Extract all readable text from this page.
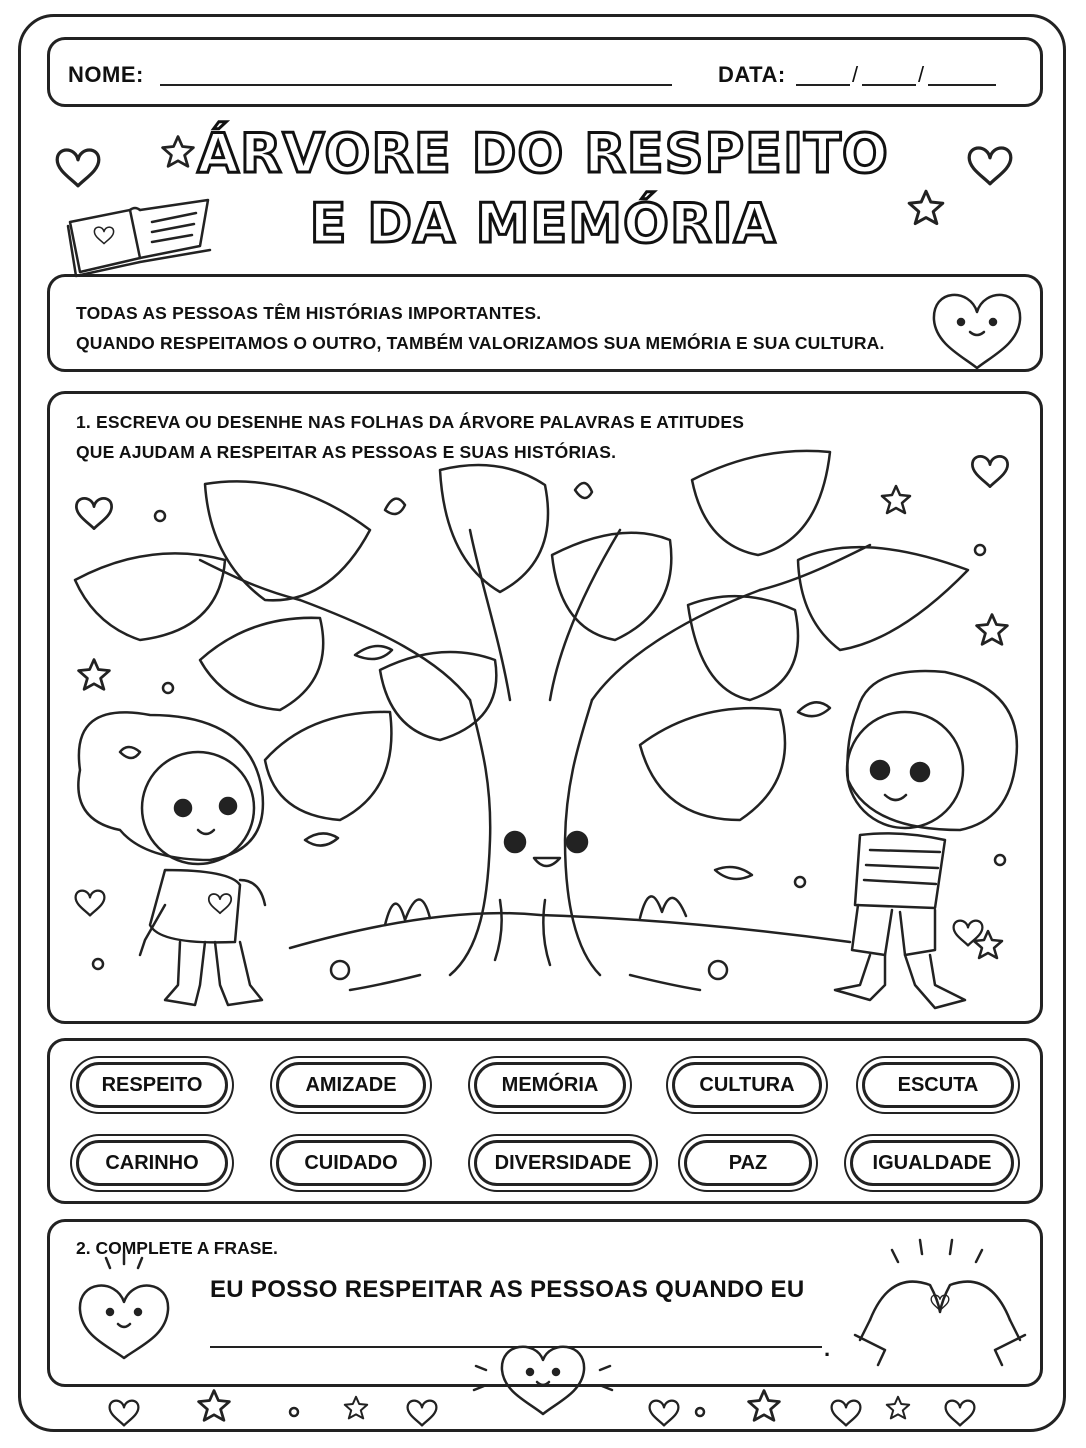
NOME:	DATA:	/	/
ÁRVORE DO RESPEITO
E DA MEMÓRIA
TODAS AS PESSOAS TÊM HISTÓRIAS IMPORTANTES.
QUANDO RESPEITAMOS O OUTRO, TAMBÉM VALORIZAMOS SUA MEMÓRIA E SUA CULTURA.
1. ESCREVA OU DESENHE NAS FOLHAS DA ÁRVORE PALAVRAS E ATITUDES
QUE AJUDAM A RESPEITAR AS PESSOAS E SUAS HISTÓRIAS.
RESPEITO	AMIZADE	MEMÓRIA	CULTURA	ESCUTA
CARINHO	CUIDADO	DIVERSIDADE	PAZ	IGUALDADE
2. COMPLETE A FRASE.
EU POSSO RESPEITAR AS PESSOAS QUANDO EU
.
